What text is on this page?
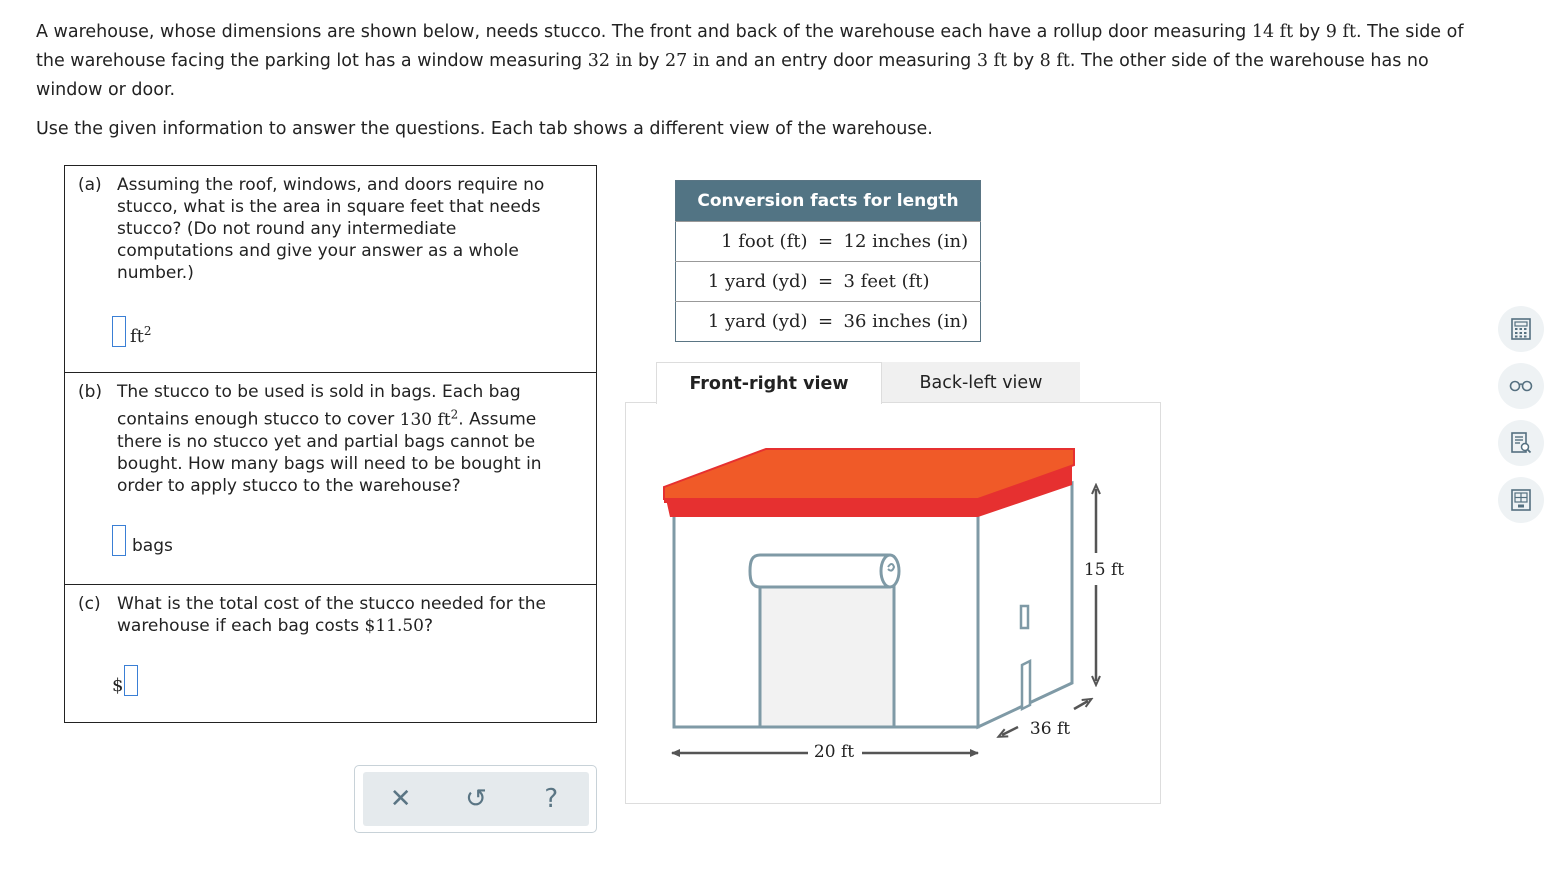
A warehouse, whose dimensions are shown below, needs stucco. The front and back of the warehouse each have a rollup door measuring 14 ft by 9 ft. The side of the warehouse facing the parking lot has a window measuring 32 in by 27 in and an entry door measuring 3 ft by 8 ft. The other side of the warehouse has no window or door.

Use the given information to answer the questions. Each tab shows a different view of the warehouse.

(a) Assuming the roof, windows, and doors require no stucco, what is the area in square feet that needs stucco? (Do not round any intermediate computations and give your answer as a whole number.)
$ft^2$
(b) The stucco to be used is sold in bags. Each bag contains enough stucco to cover 130 $ft^2$. Assume there is no stucco yet and partial bags cannot be bought. How many bags will need to be bought in order to apply stucco to the warehouse?
bags
(c) What is the total cost of the stucco needed for the warehouse if each bag costs $11.50?
$
Conversion facts for length

1 foot (ft) = 12 inches (in)

1 yard (yd) = 3 feet (ft)

1 yard (yd) = 36 inches (in)
Front-right view	Back-left view
15 ft
20 ft
36 ft
✕	↺	?
